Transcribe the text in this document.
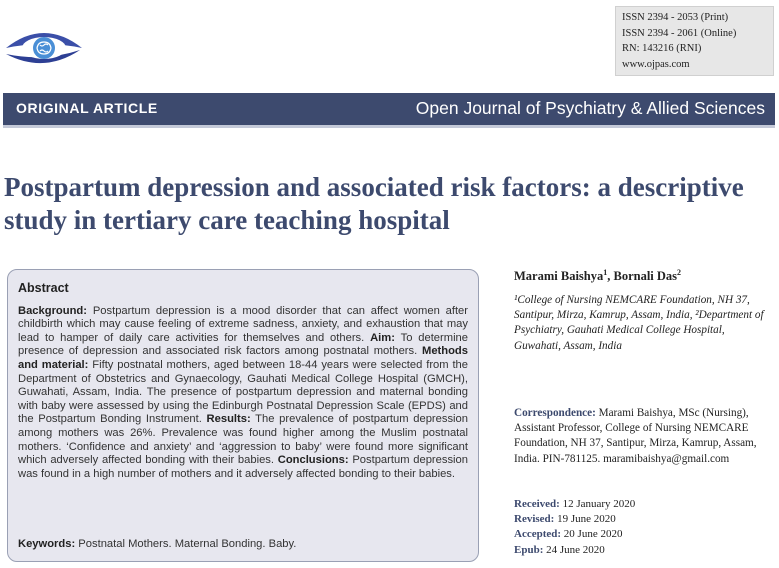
ISSN 2394 - 2053 (Print)
ISSN 2394 - 2061 (Online)
RN: 143216 (RNI)
www.ojpas.com
ORIGINAL ARTICLE	Open Journal of Psychiatry & Allied Sciences
Postpartum depression and associated risk factors: a descriptive study in tertiary care teaching hospital
Abstract

Background: Postpartum depression is a mood disorder that can affect women after childbirth which may cause feeling of extreme sadness, anxiety, and exhaustion that may lead to hamper of daily care activities for themselves and others. Aim: To determine presence of depression and associated risk factors among postnatal mothers. Methods and material: Fifty postnatal mothers, aged between 18-44 years were selected from the Department of Obstetrics and Gynaecology, Gauhati Medical College Hospital (GMCH), Guwahati, Assam, India. The presence of postpartum depression and maternal bonding with baby were assessed by using the Edinburgh Postnatal Depression Scale (EPDS) and the Postpartum Bonding Instrument. Results: The prevalence of postpartum depression among mothers was 26%. Prevalence was found higher among the Muslim postnatal mothers. ‘Confidence and anxiety’ and ‘aggression to baby’ were found more significant which adversely affected bonding with their babies. Conclusions: Postpartum depression was found in a high number of mothers and it adversely affected bonding to their babies.

Keywords: Postnatal Mothers. Maternal Bonding. Baby.
Marami Baishya$^1$, Bornali Das$^2$
¹College of Nursing NEMCARE Foundation, NH 37, Santipur, Mirza, Kamrup, Assam, India, ²Department of Psychiatry, Gauhati Medical College Hospital, Guwahati, Assam, India
Correspondence: Marami Baishya, MSc (Nursing), Assistant Professor, College of Nursing NEMCARE Foundation, NH 37, Santipur, Mirza, Kamrup, Assam, India. PIN-781125. maramibaishya@gmail.com
Received: 12 January 2020
Revised: 19 June 2020
Accepted: 20 June 2020
Epub: 24 June 2020
